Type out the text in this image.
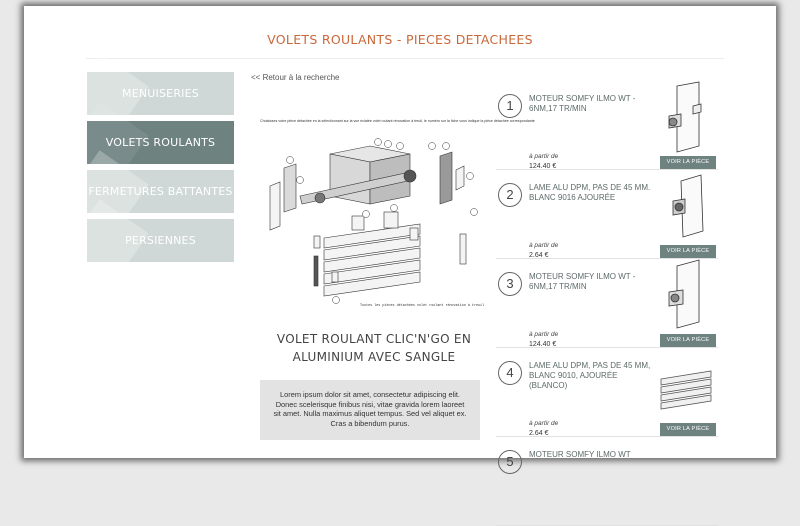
VOLETS ROULANTS - PIECES DETACHEES
MENUISERIES
VOLETS ROULANTS
FERMETURES BATTANTES
PERSIENNES
<< Retour à la recherche
Choisissez votre pièce détachée en la sélectionnant sur la vue éclatée volet roulant rénovation à treuil, le numéro sur la fiche vous indique la pièce détachée correspondante
Toutes les pièces détachées volet roulant rénovation à treuil
VOLET ROULANT CLIC'N'GO EN
ALUMINIUM AVEC SANGLE
Lorem ipsum dolor sit amet, consectetur adipiscing elit. Donec scelerisque finibus nisi, vitae gravida lorem laoreet sit amet. Nulla maximus aliquet tempus. Sed vel aliquet ex. Cras a bibendum purus.
1	MOTEUR SOMFY ILMO WT - 6NM,17 TR/MIN
à partir de
124.40 €
VOIR LA PIÈCE
2	LAME ALU DPM, PAS DE 45 MM. BLANC 9016 AJOURÉE
à partir de
2.64 €
VOIR LA PIÈCE
3	MOTEUR SOMFY ILMO WT - 6NM,17 TR/MIN
à partir de
124.40 €
VOIR LA PIÈCE
4	LAME ALU DPM, PAS DE 45 MM, BLANC 9010, AJOURÉE (BLANCO)
à partir de
2.64 €
VOIR LA PIÈCE
5	MOTEUR SOMFY ILMO WT
